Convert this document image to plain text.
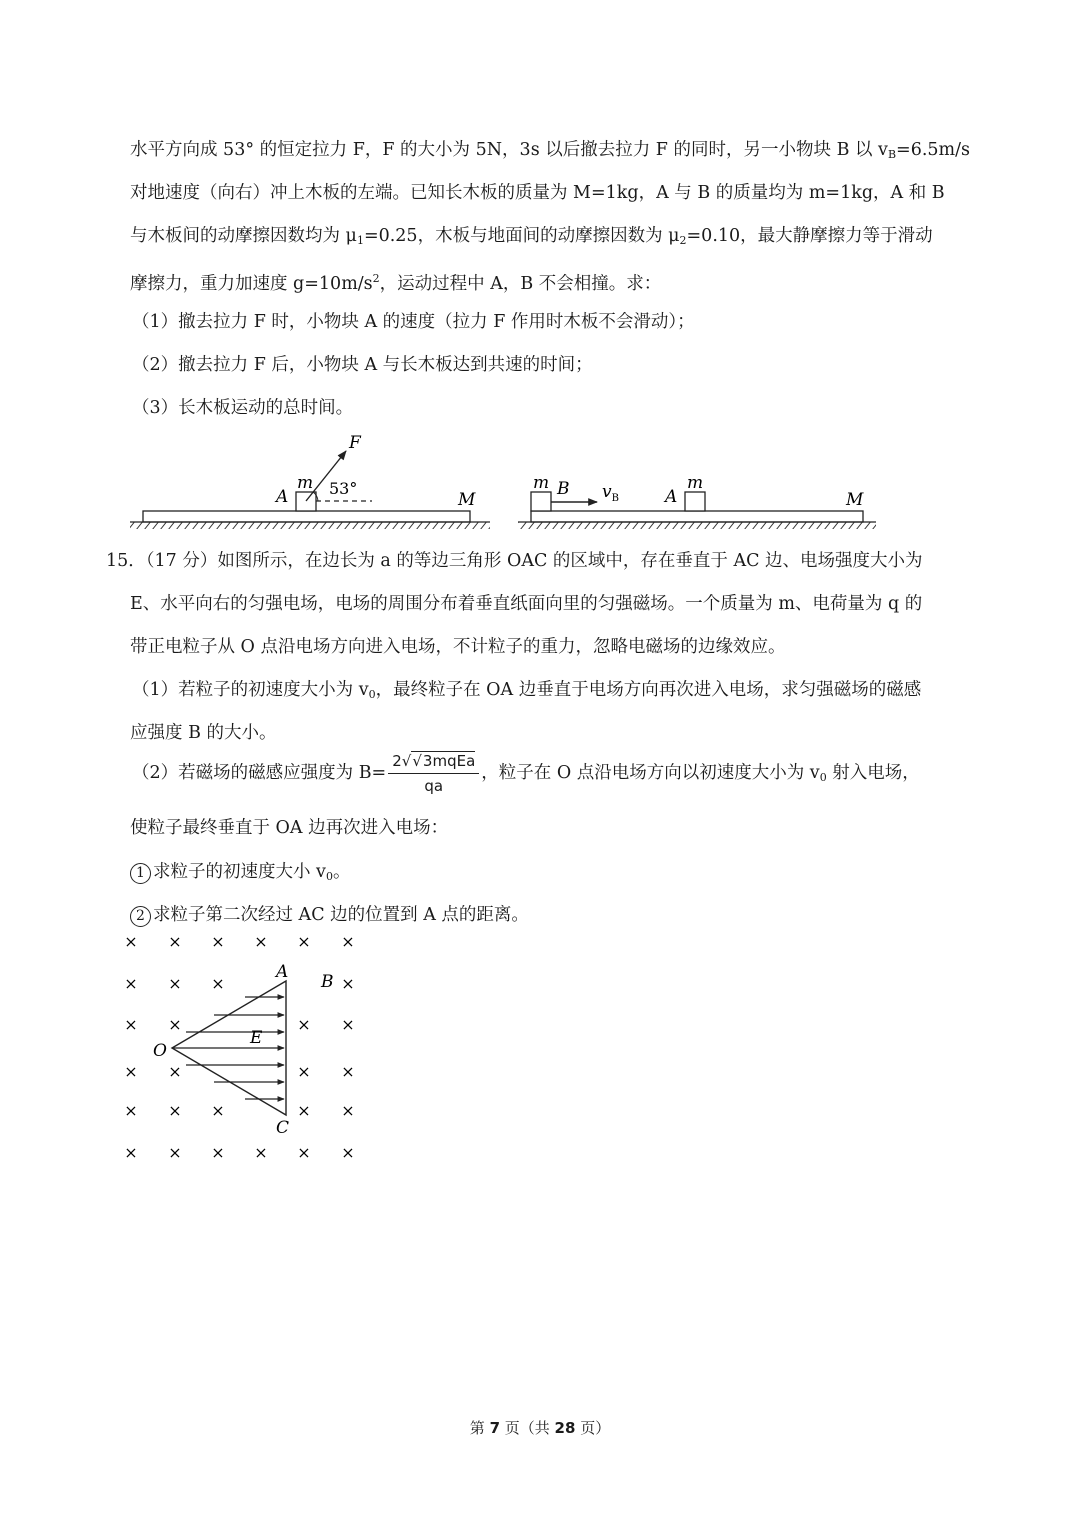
水平方向成 53° 的恒定拉力 F，F 的大小为 5N，3s 以后撤去拉力 F 的同时，另一小物块 B 以 $v_B=6.5m/s$
对地速度（向右）冲上木板的左端。已知长木板的质量为 M=1kg，A 与 B 的质量均为 m=1kg，A 和 B
与木板间的动摩擦因数均为 $\mu_1=0.25$，木板与地面间的动摩擦因数为 $\mu_2=0.10$，最大静摩擦力等于滑动
摩擦力，重力加速度 $g=10m/s^2$，运动过程中 A，B 不会相撞。求：
（1）撤去拉力 F 时，小物块 A 的速度（拉力 F 作用时木板不会滑动）；
（2）撤去拉力 F 后，小物块 A 与长木板达到共速的时间；
（3）长木板运动的总时间。
F
m
A	53°
M
m B $v_B$	A
m
M
15．（17 分）如图所示，在边长为 a 的等边三角形 OAC 的区域中，存在垂直于 AC 边、电场强度大小为
E、水平向右的匀强电场，电场的周围分布着垂直纸面向里的匀强磁场。一个质量为 m、电荷量为 q 的
带正电粒子从 O 点沿电场方向进入电场，不计粒子的重力，忽略电磁场的边缘效应。
（1）若粒子的初速度大小为 $v_0$，最终粒子在 OA 边垂直于电场方向再次进入电场，求匀强磁场的磁感
应强度 B 的大小。
（2）若磁场的磁感应强度为 $B= \frac{\text{2√√3mqEa}}{qa}$ ，粒子在 O 点沿电场方向以初速度大小为 $v_0$ 射入电场，
使粒子最终垂直于 OA 边再次进入电场：
1 求粒子的初速度大小 $v_0$。
2 求粒子第二次经过 AC 边的位置到 A 点的距离。
× × × × × ×
× × ×	×
× ×	× ×
× ×	× ×
× × ×	× ×
× × × × × ×
A B
E
O
C
第 7 页（共 28 页）
